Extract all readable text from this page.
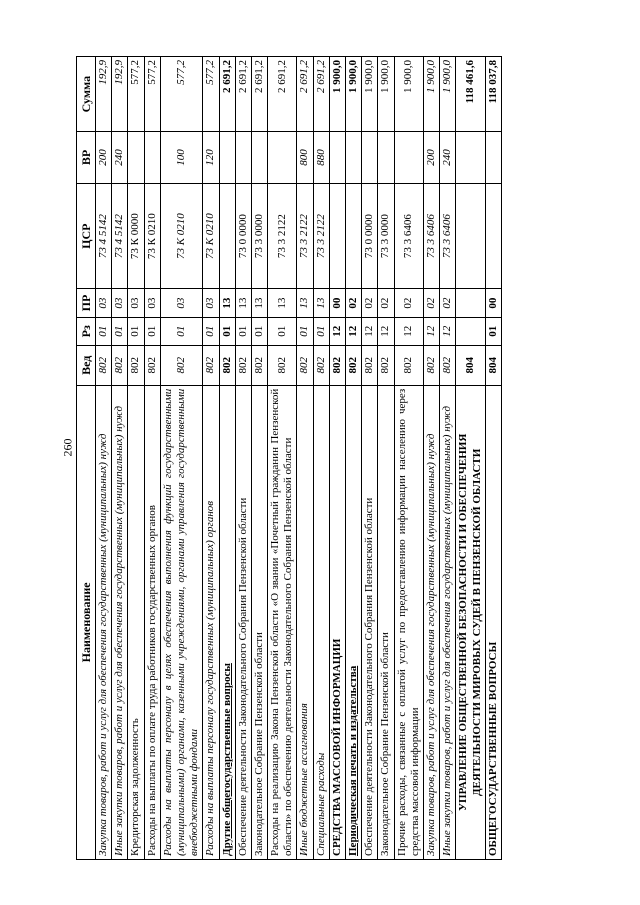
260
Наименование	Вед	Рз	ПР	ЦСР	ВР	Сумма
Закупка товаров, работ и услуг для обеспечения государственных (муниципальных) нужд	802	01	03	73 4 5142	200	192,9
Иные закупки товаров, работ и услуг для обеспечения государственных (муниципальных) нужд	802	01	03	73 4 5142	240	192,9
Кредиторская задолженность	802	01	03	73 К 0000		577,2
Расходы на выплаты по оплате труда работников государственных органов	802	01	03	73 К 0210		577,2
Расходы на выплаты персоналу в целях обеспечения выполнения функций государственными (муниципальными) органами, казенными учреждениями, органами управления государственными внебюджетными фондами	802	01	03	73 К 0210	100	577,2
Расходы на выплаты персоналу государственных (муниципальных) органов	802	01	03	73 К 0210	120	577,2
Другие общегосударственные вопросы	802	01	13			2 691,2
Обеспечение деятельности Законодательного Собрания Пензенской области	802	01	13	73 0 0000		2 691,2
Законодательное Собрание Пензенской области	802	01	13	73 3 0000		2 691,2
Расходы на реализацию Закона Пензенской области «О звании «Почетный гражданин Пензенской области» по обеспечению деятельности Законодательного Собрания Пензенской области	802	01	13	73 3 2122		2 691,2
Иные бюджетные ассигнования	802	01	13	73 3 2122	800	2 691,2
Специальные расходы	802	01	13	73 3 2122	880	2 691,2
СРЕДСТВА МАССОВОЙ ИНФОРМАЦИИ	802	12	00			1 900,0
Периодическая печать и издательства	802	12	02			1 900,0
Обеспечение деятельности Законодательного Собрания Пензенской области	802	12	02	73 0 0000		1 900,0
Законодательное Собрание Пензенской области	802	12	02	73 3 0000		1 900,0
Прочие расходы, связанные с оплатой услуг по предоставлению информации населению через средства массовой информации	802	12	02	73 3 6406		1 900,0
Закупка товаров, работ и услуг для обеспечения государственных (муниципальных) нужд	802	12	02	73 3 6406	200	1 900,0
Иные закупки товаров, работ и услуг для обеспечения государственных (муниципальных) нужд	802	12	02	73 3 6406	240	1 900,0
УПРАВЛЕНИЕ ОБЩЕСТВЕННОЙ БЕЗОПАСНОСТИ И ОБЕСПЕЧЕНИЯ ДЕЯТЕЛЬНОСТИ МИРОВЫХ СУДЕЙ В ПЕНЗЕНСКОЙ ОБЛАСТИ	804					118 461,6
ОБЩЕГОСУДАРСТВЕННЫЕ ВОПРОСЫ	804	01	00			118 037,8
